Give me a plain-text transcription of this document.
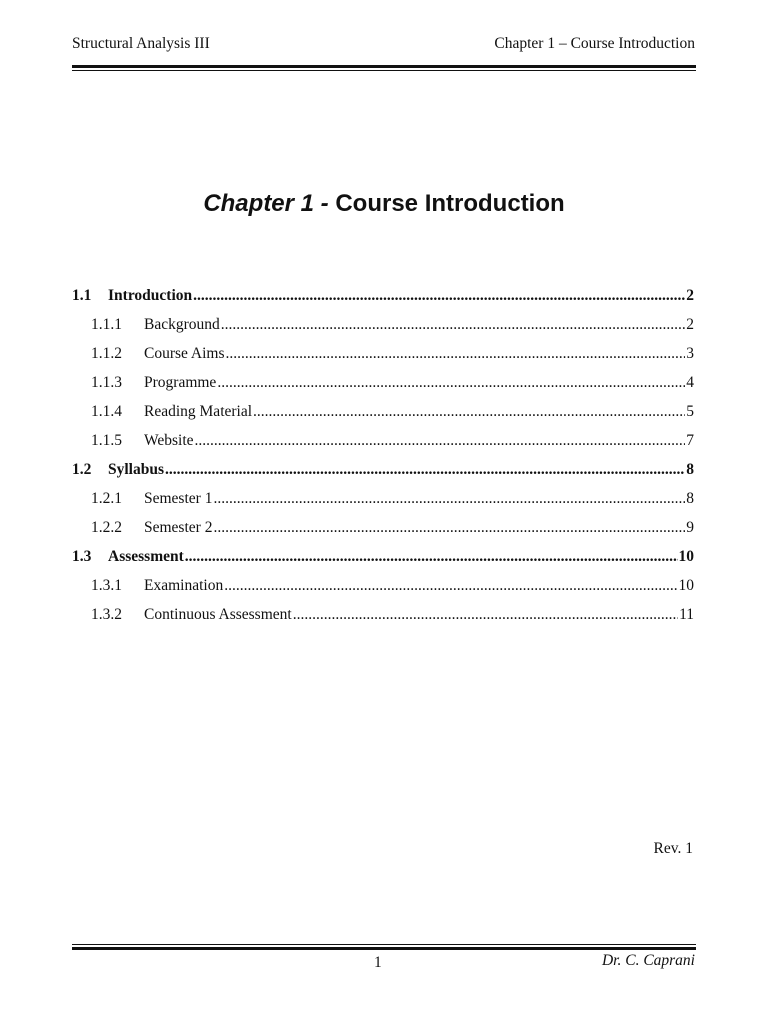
Structural Analysis III	Chapter 1 – Course Introduction
Chapter 1 - Course Introduction
1.1	Introduction .....	2
1.1.1	Background .....	2
1.1.2	Course Aims .....	3
1.1.3	Programme .....	4
1.1.4	Reading Material .....	5
1.1.5	Website .....	7
1.2	Syllabus .....	8
1.2.1	Semester 1 .....	8
1.2.2	Semester 2 .....	9
1.3	Assessment .....	10
1.3.1	Examination .....	10
1.3.2	Continuous Assessment .....	11
Rev. 1
1	Dr. C. Caprani
